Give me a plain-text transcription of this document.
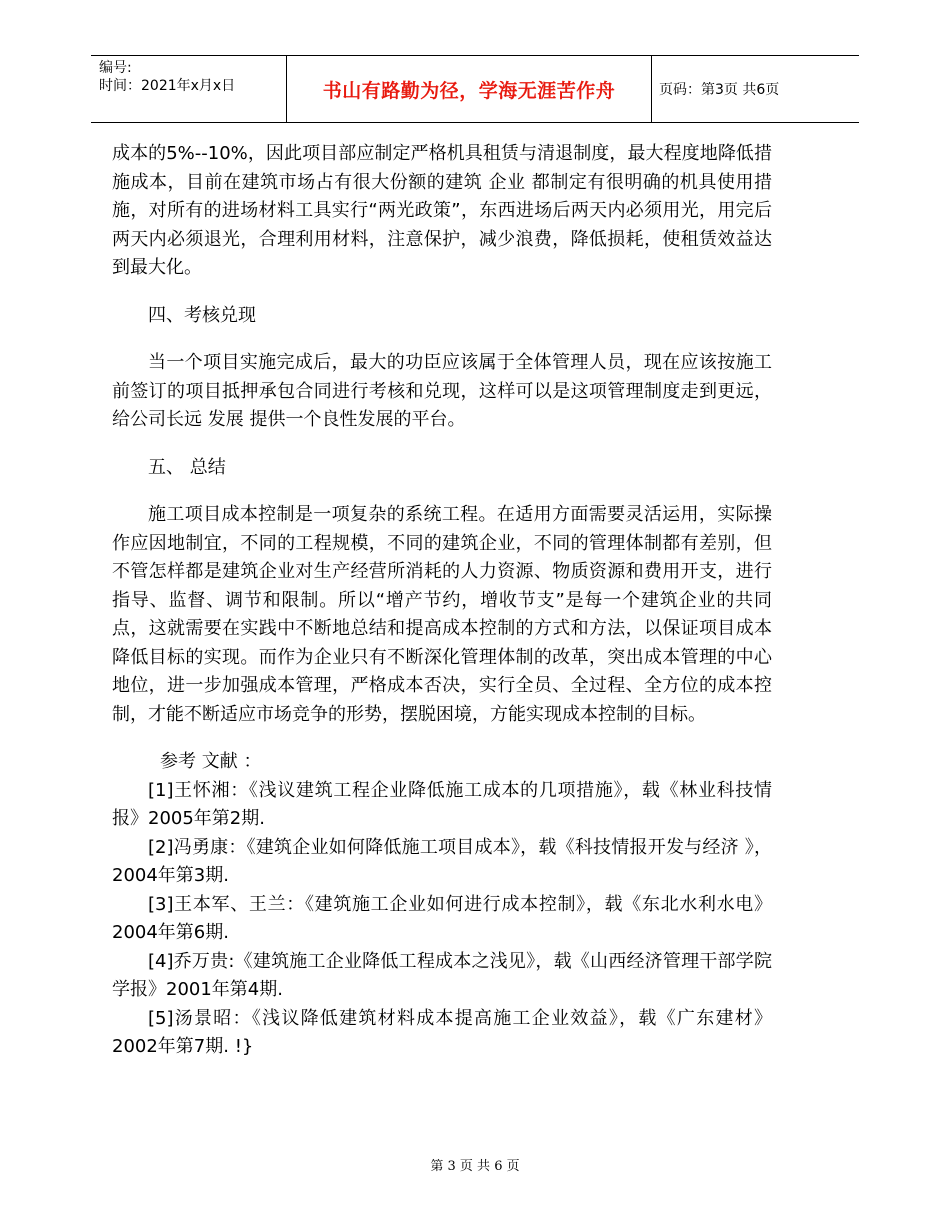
编号:
时间：2021年x月x日	书山有路勤为径，学海无涯苦作舟	页码：第3页 共6页

成本的5%--10%，因此项目部应制定严格机具租赁与清退制度，最大程度地降低措施成本，目前在建筑市场占有很大份额的建筑 企业 都制定有很明确的机具使用措施，对所有的进场材料工具实行“两光政策”，东西进场后两天内必须用光，用完后两天内必须退光，合理利用材料，注意保护，减少浪费，降低损耗，使租赁效益达到最大化。

四、考核兑现

当一个项目实施完成后，最大的功臣应该属于全体管理人员，现在应该按施工前签订的项目抵押承包合同进行考核和兑现，这样可以是这项管理制度走到更远，给公司长远 发展 提供一个良性发展的平台。

五、 总结

施工项目成本控制是一项复杂的系统工程。在适用方面需要灵活运用，实际操作应因地制宜，不同的工程规模，不同的建筑企业，不同的管理体制都有差别，但不管怎样都是建筑企业对生产经营所消耗的人力资源、物质资源和费用开支，进行指导、监督、调节和限制。所以“增产节约，增收节支”是每一个建筑企业的共同点，这就需要在实践中不断地总结和提高成本控制的方式和方法，以保证项目成本降低目标的实现。而作为企业只有不断深化管理体制的改革，突出成本管理的中心地位，进一步加强成本管理，严格成本否决，实行全员、全过程、全方位的成本控制，才能不断适应市场竞争的形势，摆脱困境，方能实现成本控制的目标。

参考 文献 ：

[1]王怀湘：《浅议建筑工程企业降低施工成本的几项措施》，载《林业科技情报》2005年第2期.

[2]冯勇康：《建筑企业如何降低施工项目成本》，载《科技情报开发与经济 》，2004年第3期.

[3]王本军、王兰：《建筑施工企业如何进行成本控制》，载《东北水利水电》2004年第6期.

[4]乔万贵:《建筑施工企业降低工程成本之浅见》，载《山西经济管理干部学院学报》2001年第4期.

[5]汤景昭：《浅议降低建筑材料成本提高施工企业效益》，载《广东建材》2002年第7期. !}

第 3 页 共 6 页
